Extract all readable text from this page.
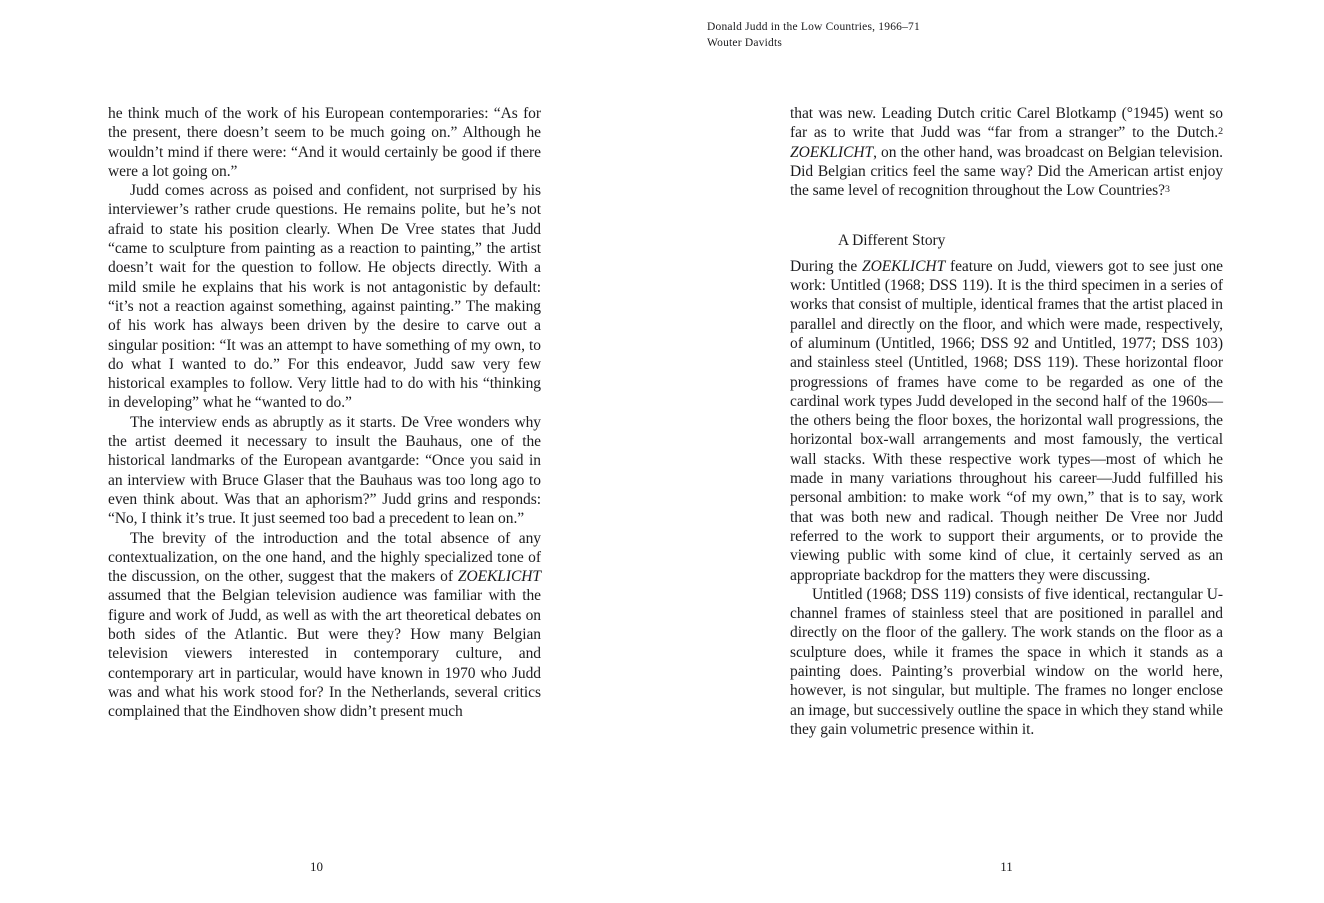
Donald Judd in the Low Countries, 1966–71
Wouter Davidts

he think much of the work of his European contemporaries: “As for the present, there doesn’t seem to be much going on.” Although he wouldn’t mind if there were: “And it would certainly be good if there were a lot going on.”

Judd comes across as poised and confident, not surprised by his interviewer’s rather crude questions. He remains polite, but he’s not afraid to state his position clearly. When De Vree states that Judd “came to sculpture from painting as a reaction to painting,” the artist doesn’t wait for the question to follow. He objects directly. With a mild smile he explains that his work is not antagonistic by default: “it’s not a reaction against something, against painting.” The making of his work has always been driven by the desire to carve out a singular position: “It was an attempt to have something of my own, to do what I wanted to do.” For this endeavor, Judd saw very few historical examples to follow. Very little had to do with his “thinking in developing” what he “wanted to do.”

The interview ends as abruptly as it starts. De Vree wonders why the artist deemed it necessary to insult the Bauhaus, one of the historical landmarks of the European avantgarde: “Once you said in an interview with Bruce Glaser that the Bauhaus was too long ago to even think about. Was that an aphorism?” Judd grins and responds: “No, I think it’s true. It just seemed too bad a precedent to lean on.”

The brevity of the introduction and the total absence of any contextualization, on the one hand, and the highly specialized tone of the discussion, on the other, suggest that the makers of ZOEKLICHT assumed that the Belgian television audience was familiar with the figure and work of Judd, as well as with the art theoretical debates on both sides of the Atlantic. But were they? How many Belgian television viewers interested in contemporary culture, and contemporary art in particular, would have known in 1970 who Judd was and what his work stood for? In the Netherlands, several critics complained that the Eindhoven show didn’t present much

that was new. Leading Dutch critic Carel Blotkamp (°1945) went so far as to write that Judd was “far from a stranger” to the Dutch.$^2$ ZOEKLICHT, on the other hand, was broadcast on Belgian television. Did Belgian critics feel the same way? Did the American artist enjoy the same level of recognition throughout the Low Countries?$^3$

A Different Story

During the ZOEKLICHT feature on Judd, viewers got to see just one work: Untitled (1968; DSS 119). It is the third specimen in a series of works that consist of multiple, identical frames that the artist placed in parallel and directly on the floor, and which were made, respectively, of aluminum (Untitled, 1966; DSS 92 and Untitled, 1977; DSS 103) and stainless steel (Untitled, 1968; DSS 119). These horizontal floor progressions of frames have come to be regarded as one of the cardinal work types Judd developed in the second half of the 1960s—the others being the floor boxes, the horizontal wall progressions, the horizontal box-wall arrangements and most famously, the vertical wall stacks. With these respective work types—most of which he made in many variations throughout his career—Judd fulfilled his personal ambition: to make work “of my own,” that is to say, work that was both new and radical. Though neither De Vree nor Judd referred to the work to support their arguments, or to provide the viewing public with some kind of clue, it certainly served as an appropriate backdrop for the matters they were discussing.

Untitled (1968; DSS 119) consists of five identical, rectangular U-channel frames of stainless steel that are positioned in parallel and directly on the floor of the gallery. The work stands on the floor as a sculpture does, while it frames the space in which it stands as a painting does. Painting’s proverbial window on the world here, however, is not singular, but multiple. The frames no longer enclose an image, but successively outline the space in which they stand while they gain volumetric presence within it.

10	11
